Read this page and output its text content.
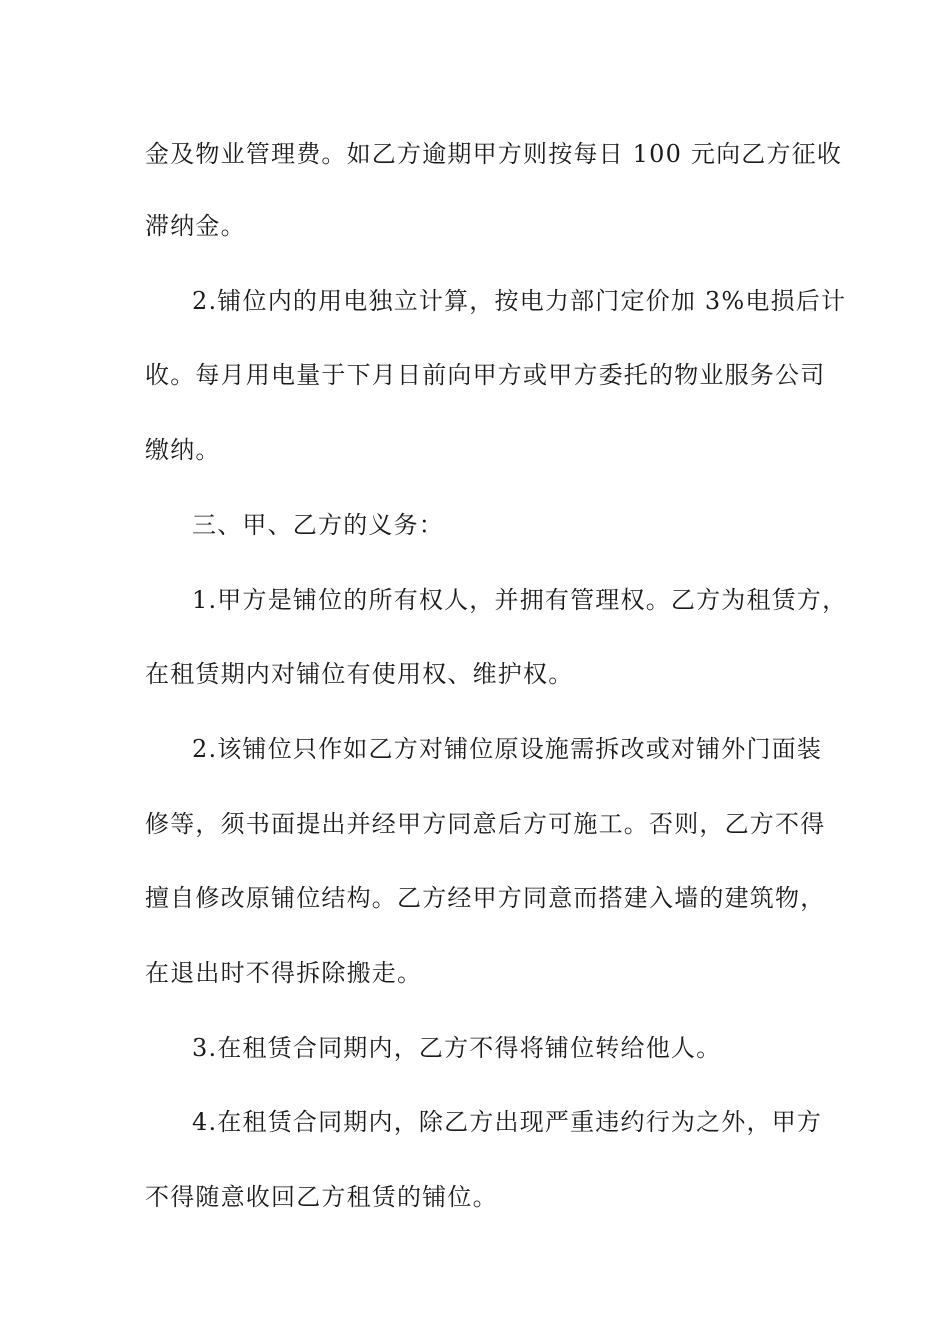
金及物业管理费。如乙方逾期甲方则按每日 100 元向乙方征收
滞纳金。
2.铺位内的用电独立计算，按电力部门定价加 3%电损后计
收。每月用电量于下月日前向甲方或甲方委托的物业服务公司
缴纳。
三、甲、乙方的义务：
1.甲方是铺位的所有权人，并拥有管理权。乙方为租赁方，
在租赁期内对铺位有使用权、维护权。
2.该铺位只作如乙方对铺位原设施需拆改或对铺外门面装
修等，须书面提出并经甲方同意后方可施工。否则，乙方不得
擅自修改原铺位结构。乙方经甲方同意而搭建入墙的建筑物，
在退出时不得拆除搬走。
3.在租赁合同期内，乙方不得将铺位转给他人。
4.在租赁合同期内，除乙方出现严重违约行为之外，甲方
不得随意收回乙方租赁的铺位。
